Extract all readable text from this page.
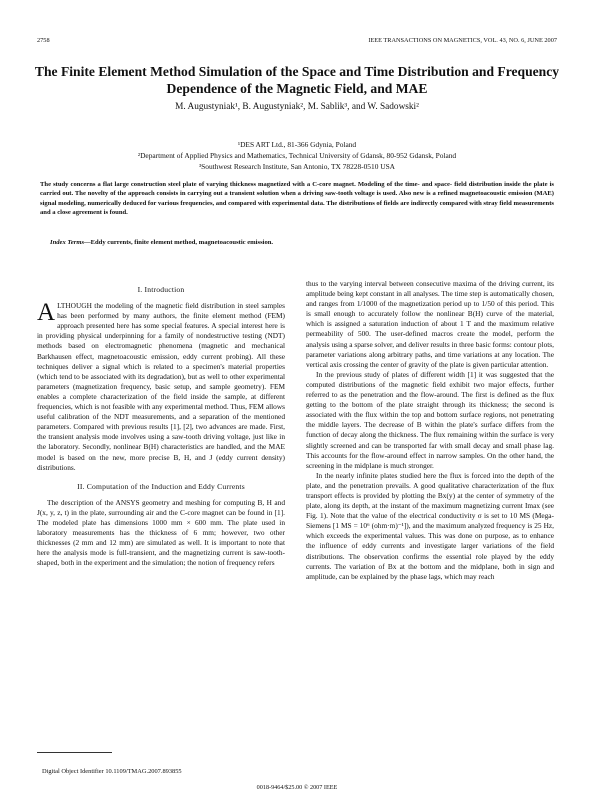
2758	IEEE TRANSACTIONS ON MAGNETICS, VOL. 43, NO. 6, JUNE 2007
The Finite Element Method Simulation of the Space and Time Distribution and Frequency Dependence of the Magnetic Field, and MAE
M. Augustyniak¹, B. Augustyniak², M. Sablik³, and W. Sadowski²
¹DES ART Ltd., 81-366 Gdynia, Poland
²Department of Applied Physics and Mathematics, Technical University of Gdansk, 80-952 Gdansk, Poland
³Southwest Research Institute, San Antonio, TX 78228-0510 USA
The study concerns a flat large construction steel plate of varying thickness magnetized with a C-core magnet. Modeling of the time- and space- field distribution inside the plate is carried out. The novelty of the approach consists in carrying out a transient solution when a driving saw-tooth voltage is used. Also new is a refined magnetoacoustic emission (MAE) signal modeling, numerically deduced for various frequencies, and compared with experimental data. The distributions of fields are indirectly compared with stray field measurements and a close agreement is found.
Index Terms—Eddy currents, finite element method, magnetoacoustic emission.
I. Introduction

ALTHOUGH the modeling of the magnetic field distribution in steel samples has been performed by many authors, the finite element method (FEM) approach presented here has some special features. A special interest here is in providing physical underpinning for a family of nondestructive testing (NDT) methods based on electromagnetic phenomena (magnetic and mechanical Barkhausen effect, magnetoacoustic emission, eddy current probing). All these techniques deliver a signal which is related to a specimen's material properties (which tend to be associated with its degradation), but as well to other experimental parameters (magnetization frequency, basic setup, and sample geometry). FEM enables a complete characterization of the field inside the sample, at different frequencies, which is not feasible with any experimental method. Thus, FEM allows useful calibration of the NDT measurements, and a separation of the mentioned parameters. Compared with previous results [1], [2], two advances are made. First, the transient analysis mode involves using a saw-tooth driving voltage, just like in the laboratory. Secondly, nonlinear B(H) characteristics are handled, and the MAE model is based on the new, more precise B, H, and J (eddy current density) distributions.

II. Computation of the Induction and Eddy Currents

The description of the ANSYS geometry and meshing for computing B, H and J(x, y, z, t) in the plate, surrounding air and the C-core magnet can be found in [1]. The modeled plate has dimensions 1000 mm × 600 mm. The plate used in laboratory measurements has the thickness of 6 mm; however, two other thicknesses (2 mm and 12 mm) are simulated as well. It is important to note that here the analysis mode is full-transient, and the magnetizing current is saw-tooth-shaped, both in the experiment and the simulation; the notion of frequency refers

thus to the varying interval between consecutive maxima of the driving current, its amplitude being kept constant in all analyses. The time step is automatically chosen, and ranges from 1/1000 of the magnetization period up to 1/50 of this period. This is small enough to accurately follow the nonlinear B(H) curve of the material, which is assigned a saturation induction of about 1 T and the maximum relative permeability of 500. The user-defined macros create the model, perform the analysis using a sparse solver, and deliver results in three basic forms: contour plots, parameter variations along arbitrary paths, and time variations at any location. The vertical axis crossing the center of gravity of the plate is given particular attention.

In the previous study of plates of different width [1] it was suggested that the computed distributions of the magnetic field exhibit two major effects, further referred to as the penetration and the flow-around. The first is defined as the flux getting to the bottom of the plate straight through its thickness; the second is associated with the flux within the top and bottom surface regions, not penetrating the middle layers. The decrease of B within the plate's surface differs from the function of decay along the thickness. The flux remaining within the surface is very slightly screened and can be transported far with small decay and small phase lag. This accounts for the flow-around effect in narrow samples. On the other hand, the screening in the midplane is much stronger.

In the nearly infinite plates studied here the flux is forced into the depth of the plate, and the penetration prevails. A good qualitative characterization of the flux transport effects is provided by plotting the Bx(y) at the center of symmetry of the plate, along its depth, at the instant of the maximum magnetizing current Imax (see Fig. 1). Note that the value of the electrical conductivity σ is set to 10 MS (Mega-Siemens [1 MS = 10⁶ (ohm·m)⁻¹]), and the maximum analyzed frequency is 25 Hz, which exceeds the experimental values. This was done on purpose, as to enhance the influence of eddy currents and investigate larger variations of the field distributions. The observation confirms the essential role played by the eddy currents. The variation of Bx at the bottom and the midplane, both in sign and amplitude, can be explained by the phase lags, which may reach

Digital Object Identifier 10.1109/TMAG.2007.893855
0018-9464/$25.00 © 2007 IEEE
